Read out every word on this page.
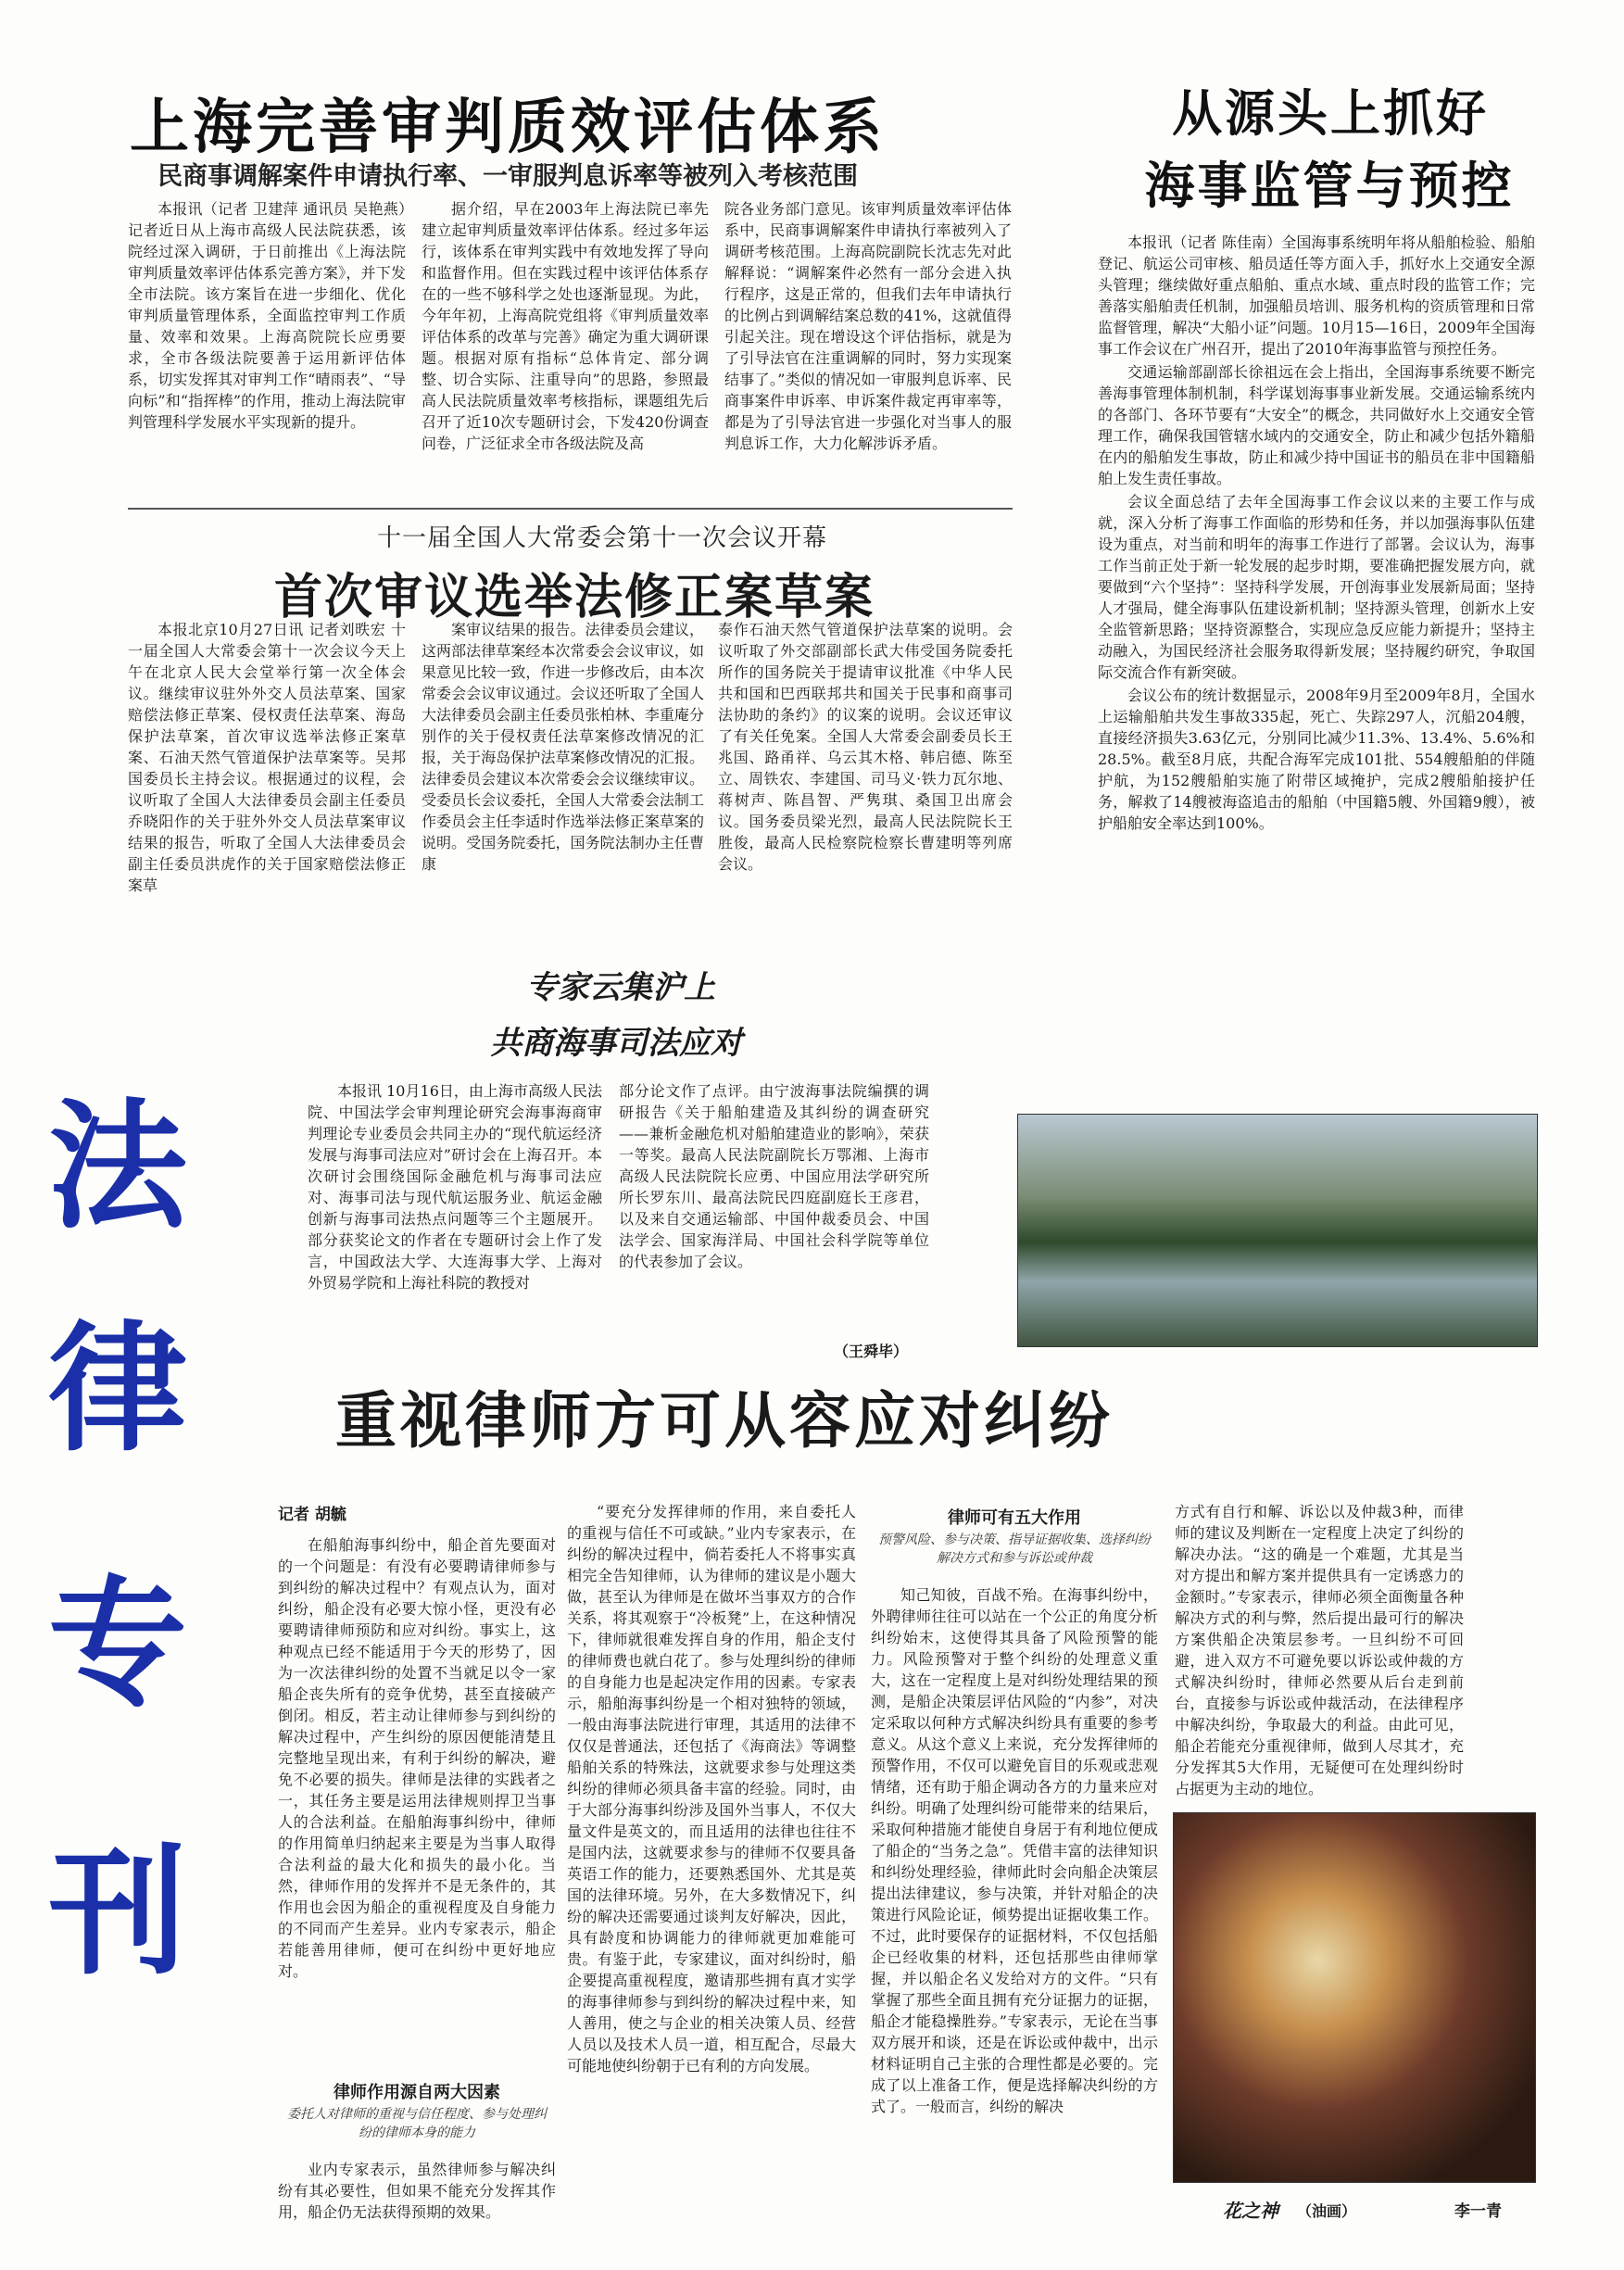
上海完善审判质效评估体系
民商事调解案件申请执行率、一审服判息诉率等被列入考核范围

本报讯（记者 卫建萍 通讯员 吴艳燕）记者近日从上海市高级人民法院获悉，该院经过深入调研，于日前推出《上海法院审判质量效率评估体系完善方案》，并下发全市法院。该方案旨在进一步细化、优化审判质量管理体系，全面监控审判工作质量、效率和效果。上海高院院长应勇要求，全市各级法院要善于运用新评估体系，切实发挥其对审判工作“晴雨表”、“导向标”和“指挥棒”的作用，推动上海法院审判管理科学发展水平实现新的提升。

据介绍，早在2003年上海法院已率先建立起审判质量效率评估体系。经过多年运行，该体系在审判实践中有效地发挥了导向和监督作用。但在实践过程中该评估体系存在的一些不够科学之处也逐渐显现。为此，今年年初，上海高院党组将《审判质量效率评估体系的改革与完善》确定为重大调研课题。根据对原有指标“总体肯定、部分调整、切合实际、注重导向”的思路，参照最高人民法院质量效率考核指标，课题组先后召开了近10次专题研讨会，下发420份调查问卷，广泛征求全市各级法院及高

院各业务部门意见。该审判质量效率评估体系中，民商事调解案件申请执行率被列入了调研考核范围。上海高院副院长沈志先对此解释说：“调解案件必然有一部分会进入执行程序，这是正常的，但我们去年申请执行的比例占到调解结案总数的41%，这就值得引起关注。现在增设这个评估指标，就是为了引导法官在注重调解的同时，努力实现案结事了。”类似的情况如一审服判息诉率、民商事案件申诉率、申诉案件裁定再审率等，都是为了引导法官进一步强化对当事人的服判息诉工作，大力化解涉诉矛盾。

从源头上抓好
海事监管与预控

本报讯（记者 陈佳南）全国海事系统明年将从船舶检验、船舶登记、航运公司审核、船员适任等方面入手，抓好水上交通安全源头管理；继续做好重点船舶、重点水域、重点时段的监管工作；完善落实船舶责任机制，加强船员培训、服务机构的资质管理和日常监督管理，解决“大船小证”问题。10月15—16日，2009年全国海事工作会议在广州召开，提出了2010年海事监管与预控任务。

交通运输部副部长徐祖远在会上指出，全国海事系统要不断完善海事管理体制机制，科学谋划海事事业新发展。交通运输系统内的各部门、各环节要有“大安全”的概念，共同做好水上交通安全管理工作，确保我国管辖水域内的交通安全，防止和减少包括外籍船在内的船舶发生事故，防止和减少持中国证书的船员在非中国籍船舶上发生责任事故。

会议全面总结了去年全国海事工作会议以来的主要工作与成就，深入分析了海事工作面临的形势和任务，并以加强海事队伍建设为重点，对当前和明年的海事工作进行了部署。会议认为，海事工作当前正处于新一轮发展的起步时期，要准确把握发展方向，就要做到“六个坚持”：坚持科学发展，开创海事业发展新局面；坚持人才强局，健全海事队伍建设新机制；坚持源头管理，创新水上安全监管新思路；坚持资源整合，实现应急反应能力新提升；坚持主动融入，为国民经济社会服务取得新发展；坚持履约研究，争取国际交流合作有新突破。

会议公布的统计数据显示，2008年9月至2009年8月，全国水上运输船舶共发生事故335起，死亡、失踪297人，沉船204艘，直接经济损失3.63亿元，分别同比减少11.3%、13.4%、5.6%和28.5%。截至8月底，共配合海军完成101批、554艘船舶的伴随护航，为152艘船舶实施了附带区域掩护，完成2艘船舶接护任务，解救了14艘被海盗追击的船舶（中国籍5艘、外国籍9艘），被护船舶安全率达到100%。

十一届全国人大常委会第十一次会议开幕
首次审议选举法修正案草案

本报北京10月27日讯 记者刘昳宏 十一届全国人大常委会第十一次会议今天上午在北京人民大会堂举行第一次全体会议。继续审议驻外外交人员法草案、国家赔偿法修正草案、侵权责任法草案、海岛保护法草案，首次审议选举法修正案草案、石油天然气管道保护法草案等。吴邦国委员长主持会议。根据通过的议程，会议听取了全国人大法律委员会副主任委员乔晓阳作的关于驻外外交人员法草案审议结果的报告，听取了全国人大法律委员会副主任委员洪虎作的关于国家赔偿法修正案草

案审议结果的报告。法律委员会建议，这两部法律草案经本次常委会会议审议，如果意见比较一致，作进一步修改后，由本次常委会会议审议通过。会议还听取了全国人大法律委员会副主任委员张柏林、李重庵分别作的关于侵权责任法草案修改情况的汇报，关于海岛保护法草案修改情况的汇报。法律委员会建议本次常委会会议继续审议。受委员长会议委托，全国人大常委会法制工作委员会主任李适时作选举法修正案草案的说明。受国务院委托，国务院法制办主任曹康

泰作石油天然气管道保护法草案的说明。会议听取了外交部副部长武大伟受国务院委托所作的国务院关于提请审议批准《中华人民共和国和巴西联邦共和国关于民事和商事司法协助的条约》的议案的说明。会议还审议了有关任免案。全国人大常委会副委员长王兆国、路甬祥、乌云其木格、韩启德、陈至立、周铁农、李建国、司马义·铁力瓦尔地、蒋树声、陈昌智、严隽琪、桑国卫出席会议。国务委员梁光烈，最高人民法院院长王胜俊，最高人民检察院检察长曹建明等列席会议。

专家云集沪上
共商海事司法应对

本报讯 10月16日，由上海市高级人民法院、中国法学会审判理论研究会海事海商审判理论专业委员会共同主办的“现代航运经济发展与海事司法应对”研讨会在上海召开。本次研讨会围绕国际金融危机与海事司法应对、海事司法与现代航运服务业、航运金融创新与海事司法热点问题等三个主题展开。部分获奖论文的作者在专题研讨会上作了发言，中国政法大学、大连海事大学、上海对外贸易学院和上海社科院的教授对

部分论文作了点评。由宁波海事法院编撰的调研报告《关于船舶建造及其纠纷的调查研究——兼析金融危机对船舶建造业的影响》，荣获一等奖。最高人民法院副院长万鄂湘、上海市高级人民法院院长应勇、中国应用法学研究所所长罗东川、最高法院民四庭副庭长王彦君，以及来自交通运输部、中国仲裁委员会、中国法学会、国家海洋局、中国社会科学院等单位的代表参加了会议。

（王舜毕）
法
律
专
刊
重视律师方可从容应对纠纷
记者 胡毓

在船舶海事纠纷中，船企首先要面对的一个问题是：有没有必要聘请律师参与到纠纷的解决过程中？有观点认为，面对纠纷，船企没有必要大惊小怪，更没有必要聘请律师预防和应对纠纷。事实上，这种观点已经不能适用于今天的形势了，因为一次法律纠纷的处置不当就足以令一家船企丧失所有的竞争优势，甚至直接破产倒闭。相反，若主动让律师参与到纠纷的解决过程中，产生纠纷的原因便能清楚且完整地呈现出来，有利于纠纷的解决，避免不必要的损失。律师是法律的实践者之一，其任务主要是运用法律规则捍卫当事人的合法利益。在船舶海事纠纷中，律师的作用简单归纳起来主要是为当事人取得合法利益的最大化和损失的最小化。当然，律师作用的发挥并不是无条件的，其作用也会因为船企的重视程度及自身能力的不同而产生差异。业内专家表示，船企若能善用律师，便可在纠纷中更好地应对。

律师作用源自两大因素
委托人对律师的重视与信任程度、参与处理纠纷的律师本身的能力

业内专家表示，虽然律师参与解决纠纷有其必要性，但如果不能充分发挥其作用，船企仍无法获得预期的效果。

“要充分发挥律师的作用，来自委托人的重视与信任不可或缺。”业内专家表示，在纠纷的解决过程中，倘若委托人不将事实真相完全告知律师，认为律师的建议是小题大做，甚至认为律师是在做坏当事双方的合作关系，将其观察于“冷板凳”上，在这种情况下，律师就很难发挥自身的作用，船企支付的律师费也就白花了。参与处理纠纷的律师的自身能力也是起决定作用的因素。专家表示，船舶海事纠纷是一个相对独特的领域，一般由海事法院进行审理，其适用的法律不仅仅是普通法，还包括了《海商法》等调整船舶关系的特殊法，这就要求参与处理这类纠纷的律师必须具备丰富的经验。同时，由于大部分海事纠纷涉及国外当事人，不仅大量文件是英文的，而且适用的法律也往往不是国内法，这就要求参与的律师不仅要具备英语工作的能力，还要熟悉国外、尤其是英国的法律环境。另外，在大多数情况下，纠纷的解决还需要通过谈判友好解决，因此，具有龄度和协调能力的律师就更加难能可贵。有鉴于此，专家建议，面对纠纷时，船企要提高重视程度，邀请那些拥有真才实学的海事律师参与到纠纷的解决过程中来，知人善用，使之与企业的相关决策人员、经营人员以及技术人员一道，相互配合，尽最大可能地使纠纷朝于已有利的方向发展。

律师可有五大作用
预警风险、参与决策、指导证据收集、选择纠纷解决方式和参与诉讼或仲裁

知己知彼，百战不殆。在海事纠纷中，外聘律师往往可以站在一个公正的角度分析纠纷始末，这使得其具备了风险预警的能力。风险预警对于整个纠纷的处理意义重大，这在一定程度上是对纠纷处理结果的预测，是船企决策层评估风险的“内参”，对决定采取以何种方式解决纠纷具有重要的参考意义。从这个意义上来说，充分发挥律师的预警作用，不仅可以避免盲目的乐观或悲观情绪，还有助于船企调动各方的力量来应对纠纷。明确了处理纠纷可能带来的结果后，采取何种措施才能使自身居于有利地位便成了船企的“当务之急”。凭借丰富的法律知识和纠纷处理经验，律师此时会向船企决策层提出法律建议，参与决策，并针对船企的决策进行风险论证，倾势提出证据收集工作。不过，此时要保存的证据材料，不仅包括船企已经收集的材料，还包括那些由律师掌握，并以船企名义发给对方的文件。“只有掌握了那些全面且拥有充分证据力的证据，船企才能稳操胜券。”专家表示，无论在当事双方展开和谈，还是在诉讼或仲裁中，出示材料证明自己主张的合理性都是必要的。完成了以上准备工作，便是选择解决纠纷的方式了。一般而言，纠纷的解决

方式有自行和解、诉讼以及仲裁3种，而律师的建议及判断在一定程度上决定了纠纷的解决办法。“这的确是一个难题，尤其是当对方提出和解方案并提供具有一定诱惑力的金额时。”专家表示，律师必须全面衡量各种解决方式的利与弊，然后提出最可行的解决方案供船企决策层参考。一旦纠纷不可回避，进入双方不可避免要以诉讼或仲裁的方式解决纠纷时，律师必然要从后台走到前台，直接参与诉讼或仲裁活动，在法律程序中解决纠纷，争取最大的利益。由此可见，船企若能充分重视律师，做到人尽其才，充分发挥其5大作用，无疑便可在处理纠纷时占据更为主动的地位。

花之神 （油画）	李一青
